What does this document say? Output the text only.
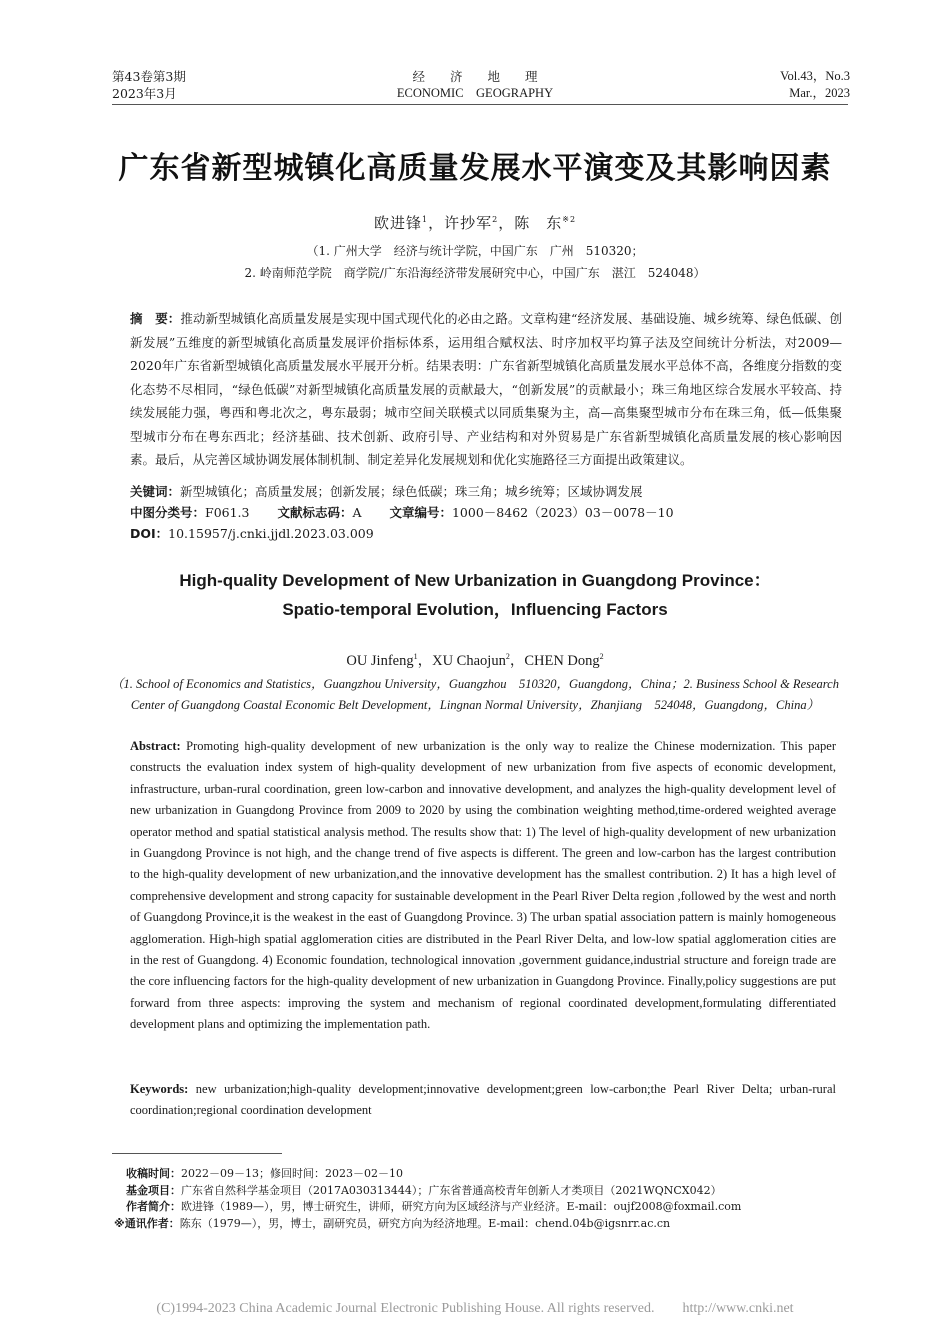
第43卷第3期
2023年3月
经　　济　　地　　理
ECONOMIC　GEOGRAPHY
Vol.43，No.3
Mar.，2023
广东省新型城镇化高质量发展水平演变及其影响因素
欧进锋$^1$，许抄军$^2$，陈　东$^{※2}$
（1. 广州大学　经济与统计学院，中国广东　广州　510320；
2. 岭南师范学院　商学院/广东沿海经济带发展研究中心，中国广东　湛江　524048）
摘　要：推动新型城镇化高质量发展是实现中国式现代化的必由之路。文章构建“经济发展、基础设施、城乡统筹、绿色低碳、创新发展”五维度的新型城镇化高质量发展评价指标体系，运用组合赋权法、时序加权平均算子法及空间统计分析法，对2009—2020年广东省新型城镇化高质量发展水平展开分析。结果表明：广东省新型城镇化高质量发展水平总体不高，各维度分指数的变化态势不尽相同，“绿色低碳”对新型城镇化高质量发展的贡献最大，“创新发展”的贡献最小；珠三角地区综合发展水平较高、持续发展能力强，粤西和粤北次之，粤东最弱；城市空间关联模式以同质集聚为主，高—高集聚型城市分布在珠三角，低—低集聚型城市分布在粤东西北；经济基础、技术创新、政府引导、产业结构和对外贸易是广东省新型城镇化高质量发展的核心影响因素。最后，从完善区域协调发展体制机制、制定差异化发展规划和优化实施路径三方面提出政策建议。
关键词：新型城镇化；高质量发展；创新发展；绿色低碳；珠三角；城乡统筹；区域协调发展
中图分类号：F061.3 文献标志码：A 文章编号：1000－8462（2023）03－0078－10
DOI：10.15957/j.cnki.jjdl.2023.03.009
High-quality Development of New Urbanization in Guangdong Province：
Spatio-temporal Evolution，Influencing Factors
OU Jinfeng$^1$，XU Chaojun$^2$，CHEN Dong$^2$
（1. School of Economics and Statistics，Guangzhou University，Guangzhou　510320，Guangdong，China；2. Business School & Research
Center of Guangdong Coastal Economic Belt Development，Lingnan Normal University，Zhanjiang　524048，Guangdong，China）
Abstract: Promoting high-quality development of new urbanization is the only way to realize the Chinese modernization. This paper constructs the evaluation index system of high-quality development of new urbanization from five aspects of economic development, infrastructure, urban-rural coordination, green low-carbon and innovative development, and analyzes the high-quality development level of new urbanization in Guangdong Province from 2009 to 2020 by using the combination weighting method,time-ordered weighted average operator method and spatial statistical analysis method. The results show that: 1) The level of high-quality development of new urbanization in Guangdong Province is not high, and the change trend of five aspects is different. The green and low-carbon has the largest contribution to the high-quality development of new urbanization,and the innovative development has the smallest contribution. 2) It has a high level of comprehensive development and strong capacity for sustainable development in the Pearl River Delta region ,followed by the west and north of Guangdong Province,it is the weakest in the east of Guangdong Province. 3) The urban spatial association pattern is mainly homogeneous agglomeration. High-high spatial agglomeration cities are distributed in the Pearl River Delta, and low-low spatial agglomeration cities are in the rest of Guangdong. 4) Economic foundation, technological innovation ,government guidance,industrial structure and foreign trade are the core influencing factors for the high-quality development of new urbanization in Guangdong Province. Finally,policy suggestions are put forward from three aspects: improving the system and mechanism of regional coordinated development,formulating differentiated development plans and optimizing the implementation path.
Keywords: new urbanization;high-quality development;innovative development;green low-carbon;the Pearl River Delta; urban-rural coordination;regional coordination development

收稿时间：2022－09－13；修回时间：2023－02－10

基金项目：广东省自然科学基金项目（2017A030313444）；广东省普通高校青年创新人才类项目（2021WQNCX042）

作者简介：欧进锋（1989—），男，博士研究生，讲师，研究方向为区域经济与产业经济。E-mail：oujf2008@foxmail.com

※通讯作者：陈东（1979—），男，博士，副研究员，研究方向为经济地理。E-mail：chend.04b@igsnrr.ac.cn

(C)1994-2023 China Academic Journal Electronic Publishing House. All rights reserved.　　http://www.cnki.net
